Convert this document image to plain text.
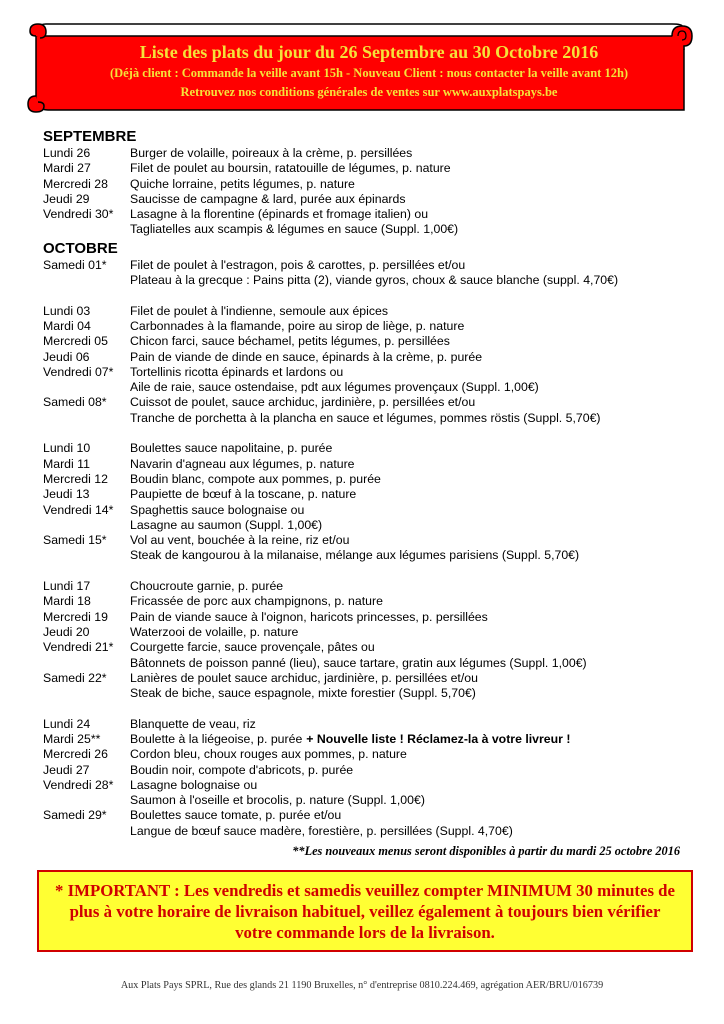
Liste des plats du jour du 26 Septembre au 30 Octobre 2016
(Déjà client : Commande la veille avant 15h - Nouveau Client : nous contacter la veille avant 12h)
Retrouvez nos conditions générales de ventes sur www.auxplatspays.be
SEPTEMBRE
Lundi 26	Burger de volaille, poireaux à la crème, p. persillées
Mardi 27	Filet de poulet au boursin, ratatouille de légumes, p. nature
Mercredi 28	Quiche lorraine, petits légumes, p. nature
Jeudi 29	Saucisse de campagne & lard, purée aux épinards
Vendredi 30*	Lasagne à la florentine (épinards et fromage italien) ou
Tagliatelles aux scampis & légumes en sauce (Suppl. 1,00€)
OCTOBRE
Samedi 01*	Filet de poulet à l'estragon, pois & carottes, p. persillées et/ou
Plateau à la grecque : Pains pitta (2), viande gyros, choux & sauce blanche (suppl. 4,70€)
Lundi 03	Filet de poulet à l'indienne, semoule aux épices
Mardi 04	Carbonnades à la flamande, poire au sirop de liège, p. nature
Mercredi 05	Chicon farci, sauce béchamel, petits légumes, p. persillées
Jeudi 06	Pain de viande de dinde en sauce, épinards à la crème, p. purée
Vendredi 07*	Tortellinis ricotta épinards et lardons ou
Aile de raie, sauce ostendaise, pdt aux légumes provençaux (Suppl. 1,00€)
Samedi 08*	Cuissot de poulet, sauce archiduc, jardinière, p. persillées et/ou
Tranche de porchetta à la plancha en sauce et légumes, pommes röstis (Suppl. 5,70€)
Lundi 10	Boulettes sauce napolitaine, p. purée
Mardi 11	Navarin d'agneau aux légumes, p. nature
Mercredi 12	Boudin blanc, compote aux pommes, p. purée
Jeudi 13	Paupiette de bœuf à la toscane, p. nature
Vendredi 14*	Spaghettis sauce bolognaise ou
Lasagne au saumon (Suppl. 1,00€)
Samedi 15*	Vol au vent, bouchée à la reine, riz et/ou
Steak de kangourou à la milanaise, mélange aux légumes parisiens (Suppl. 5,70€)
Lundi 17	Choucroute garnie, p. purée
Mardi 18	Fricassée de porc aux champignons, p. nature
Mercredi 19	Pain de viande sauce à l'oignon, haricots princesses, p. persillées
Jeudi 20	Waterzooi de volaille, p. nature
Vendredi 21*	Courgette farcie, sauce provençale, pâtes ou
Bâtonnets de poisson panné (lieu), sauce tartare, gratin aux légumes (Suppl. 1,00€)
Samedi 22*	Lanières de poulet sauce archiduc, jardinière, p. persillées et/ou
Steak de biche, sauce espagnole, mixte forestier (Suppl. 5,70€)
Lundi 24	Blanquette de veau, riz
Mardi 25**	Boulette à la liégeoise, p. purée + Nouvelle liste ! Réclamez-la à votre livreur !
Mercredi 26	Cordon bleu, choux rouges aux pommes, p. nature
Jeudi 27	Boudin noir, compote d'abricots, p. purée
Vendredi 28*	Lasagne bolognaise ou
Saumon à l'oseille et brocolis, p. nature (Suppl. 1,00€)
Samedi 29*	Boulettes sauce tomate, p. purée et/ou
Langue de bœuf sauce madère, forestière, p. persillées (Suppl. 4,70€)
**Les nouveaux menus seront disponibles à partir du mardi 25 octobre 2016
* IMPORTANT : Les vendredis et samedis veuillez compter MINIMUM 30 minutes de plus à votre horaire de livraison habituel, veillez également à toujours bien vérifier votre commande lors de la livraison.
Aux Plats Pays SPRL, Rue des glands 21 1190 Bruxelles, n° d'entreprise 0810.224.469, agrégation AER/BRU/016739
